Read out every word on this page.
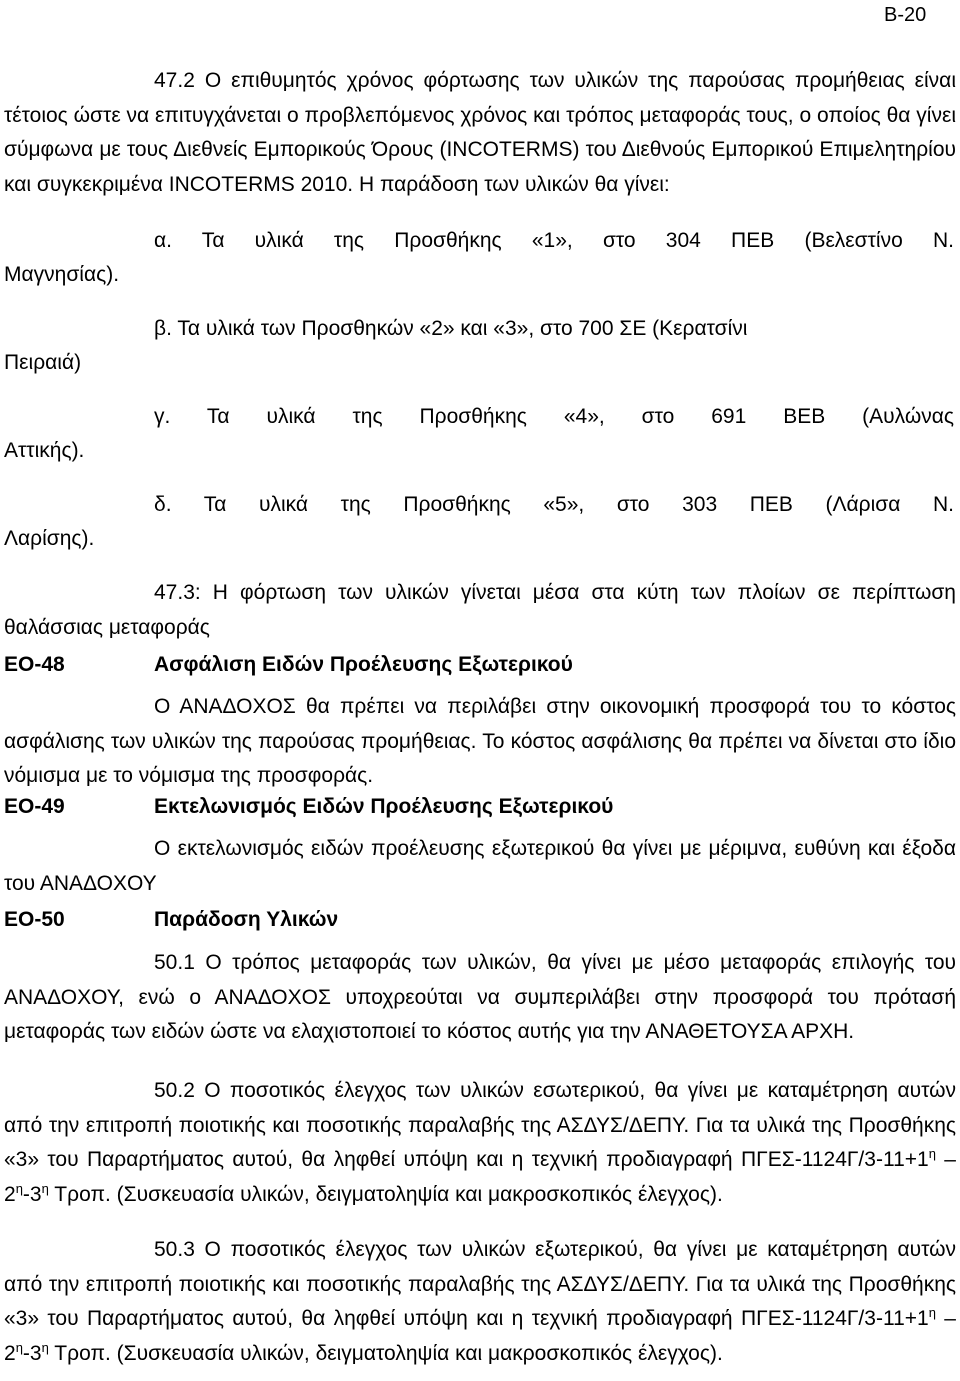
Β-20

47.2 Ο επιθυμητός χρόνος φόρτωσης των υλικών της παρούσας προμήθειας είναι τέτοιος ώστε να επιτυγχάνεται ο προβλεπόμενος χρόνος και τρόπος μεταφοράς τους, ο οποίος θα γίνει σύμφωνα με τους Διεθνείς Εμπορικούς Όρους (INCOTERMS) του Διεθνούς Εμπορικού Επιμελητηρίου και συγκεκριμένα INCOTERMS 2010. Η παράδοση των υλικών θα γίνει:

α. Τα υλικά της Προσθήκης «1», στο 304 ΠΕΒ (Βελεστίνο Ν.
Μαγνησίας).
β. Τα υλικά των Προσθηκών «2» και «3», στο 700 ΣΕ (Κερατσίνι
Πειραιά)
γ. Τα υλικά της Προσθήκης «4», στο 691 ΒΕΒ (Αυλώνας
Αττικής).
δ. Τα υλικά της Προσθήκης «5», στο 303 ΠΕΒ (Λάρισα Ν.
Λαρίσης).

47.3: Η φόρτωση των υλικών γίνεται μέσα στα κύτη των πλοίων σε περίπτωση θαλάσσιας μεταφοράς

ΕΟ-48	Ασφάλιση Ειδών Προέλευσης Εξωτερικού

Ο ΑΝΑΔΟΧΟΣ θα πρέπει να περιλάβει στην οικονομική προσφορά του το κόστος ασφάλισης των υλικών της παρούσας προμήθειας. Το κόστος ασφάλισης θα πρέπει να δίνεται στο ίδιο νόμισμα με το νόμισμα της προσφοράς.

ΕΟ-49	Εκτελωνισμός Ειδών Προέλευσης Εξωτερικού

Ο εκτελωνισμός ειδών προέλευσης εξωτερικού θα γίνει με μέριμνα, ευθύνη και έξοδα του ΑΝΑΔΟΧΟΥ

ΕΟ-50	Παράδοση Υλικών

50.1 Ο τρόπος μεταφοράς των υλικών, θα γίνει με μέσο μεταφοράς επιλογής του ΑΝΑΔΟΧΟΥ, ενώ ο ΑΝΑΔΟΧΟΣ υποχρεούται να συμπεριλάβει στην προσφορά του πρότασή μεταφοράς των ειδών ώστε να ελαχιστοποιεί το κόστος αυτής για την ΑΝΑΘΕΤΟΥΣΑ ΑΡΧΗ.

50.2 Ο ποσοτικός έλεγχος των υλικών εσωτερικού, θα γίνει με καταμέτρηση αυτών από την επιτροπή ποιοτικής και ποσοτικής παραλαβής της ΑΣΔΥΣ/ΔΕΠΥ. Για τα υλικά της Προσθήκης «3» του Παραρτήματος αυτού, θα ληφθεί υπόψη και η τεχνική προδιαγραφή ΠΓΕΣ-$1124\Gamma/3-11+1^\eta - 2^\eta-3^\eta$ Τροπ. (Συσκευασία υλικών, δειγματοληψία και μακροσκοπικός έλεγχος).

50.3 Ο ποσοτικός έλεγχος των υλικών εξωτερικού, θα γίνει με καταμέτρηση αυτών από την επιτροπή ποιοτικής και ποσοτικής παραλαβής της ΑΣΔΥΣ/ΔΕΠΥ. Για τα υλικά της Προσθήκης «3» του Παραρτήματος αυτού, θα ληφθεί υπόψη και η τεχνική προδιαγραφή ΠΓΕΣ-$1124\Gamma/3-11+1^\eta - 2^\eta-3^\eta$ Τροπ. (Συσκευασία υλικών, δειγματοληψία και μακροσκοπικός έλεγχος).
